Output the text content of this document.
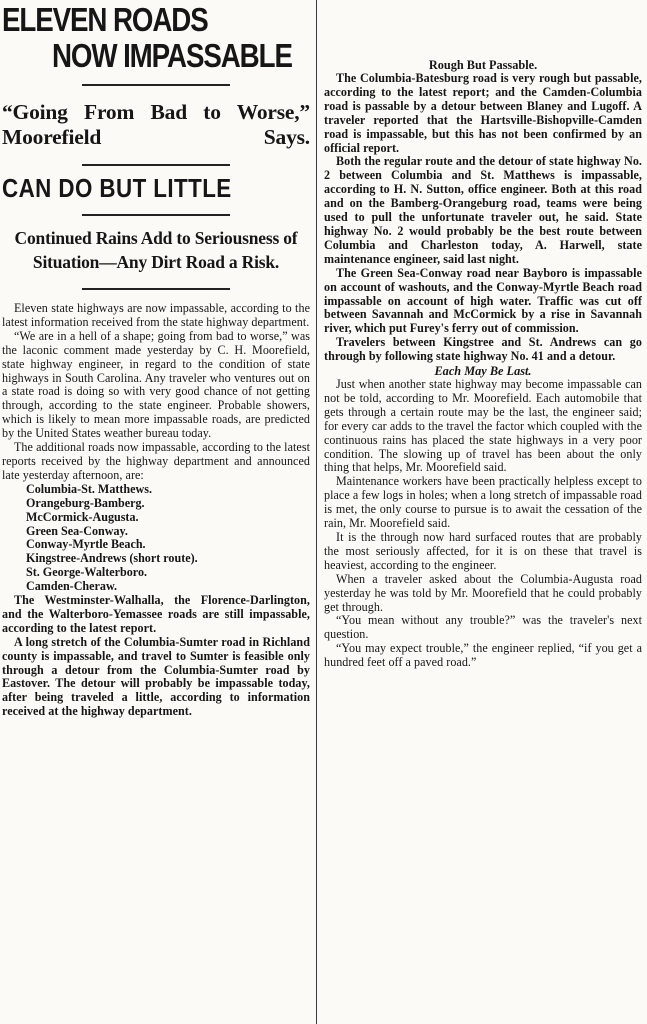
ELEVEN ROADS
NOW IMPASSABLE
“Going From Bad to Worse,” Moorefield Says.
CAN DO BUT LITTLE
Continued Rains Add to Seriousness of Situation—Any Dirt Road a Risk.

Eleven state highways are now impassable, according to the latest information received from the state highway department.

“We are in a hell of a shape; going from bad to worse,” was the laconic comment made yesterday by C. H. Moorefield, state highway engineer, in regard to the condition of state highways in South Carolina. Any traveler who ventures out on a state road is doing so with very good chance of not getting through, according to the state engineer. Probable showers, which is likely to mean more impassable roads, are predicted by the United States weather bureau today.

The additional roads now impassable, according to the latest reports received by the highway department and announced late yesterday afternoon, are:

Columbia-St. Matthews.
Orangeburg-Bamberg.
McCormick-Augusta.
Green Sea-Conway.
Conway-Myrtle Beach.
Kingstree-Andrews (short route).
St. George-Walterboro.
Camden-Cheraw.

The Westminster-Walhalla, the Florence-Darlington, and the Walterboro-Yemassee roads are still impassable, according to the latest report.

A long stretch of the Columbia-Sumter road in Richland county is impassable, and travel to Sumter is feasible only through a detour from the Columbia-Sumter road by Eastover. The detour will probably be impassable today, after being traveled a little, according to information received at the highway department.

Rough But Passable.

The Columbia-Batesburg road is very rough but passable, according to the latest report; and the Camden-Columbia road is passable by a detour between Blaney and Lugoff. A traveler reported that the Hartsville-Bishopville-Camden road is impassable, but this has not been confirmed by an official report.

Both the regular route and the detour of state highway No. 2 between Columbia and St. Matthews is impassable, according to H. N. Sutton, office engineer. Both at this road and on the Bamberg-Orangeburg road, teams were being used to pull the unfortunate traveler out, he said. State highway No. 2 would probably be the best route between Columbia and Charleston today, A. Harwell, state maintenance engineer, said last night.

The Green Sea-Conway road near Bayboro is impassable on account of washouts, and the Conway-Myrtle Beach road impassable on account of high water. Traffic was cut off between Savannah and McCormick by a rise in Savannah river, which put Furey's ferry out of commission.

Travelers between Kingstree and St. Andrews can go through by following state highway No. 41 and a detour.

Each May Be Last.

Just when another state highway may become impassable can not be told, according to Mr. Moorefield. Each automobile that gets through a certain route may be the last, the engineer said; for every car adds to the travel the factor which coupled with the continuous rains has placed the state highways in a very poor condition. The slowing up of travel has been about the only thing that helps, Mr. Moorefield said.

Maintenance workers have been practically helpless except to place a few logs in holes; when a long stretch of impassable road is met, the only course to pursue is to await the cessation of the rain, Mr. Moorefield said.

It is the through now hard surfaced routes that are probably the most seriously affected, for it is on these that travel is heaviest, according to the engineer.

When a traveler asked about the Columbia-Augusta road yesterday he was told by Mr. Moorefield that he could probably get through.

“You mean without any trouble?” was the traveler's next question.

“You may expect trouble,” the engineer replied, “if you get a hundred feet off a paved road.”
